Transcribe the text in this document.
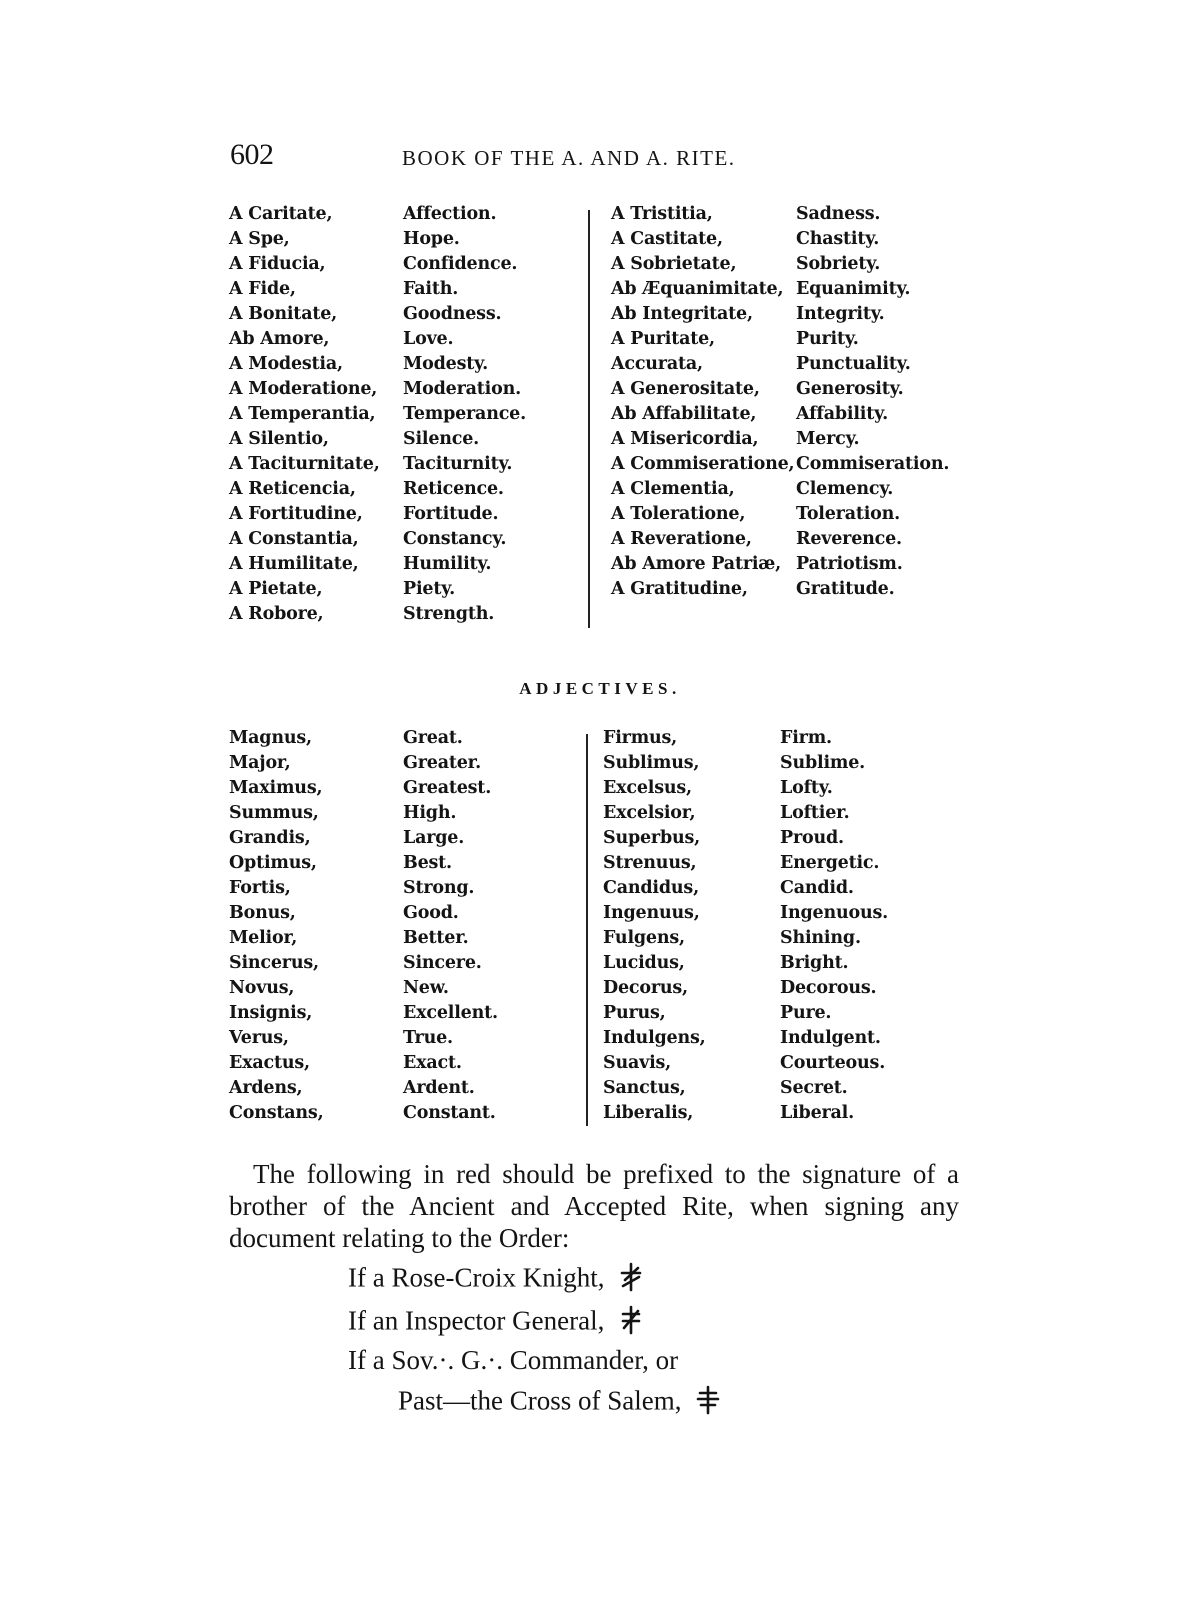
602	BOOK OF THE A. AND A. RITE.
A Caritate,	Affection.
A Spe,	Hope.
A Fiducia,	Confidence.
A Fide,	Faith.
A Bonitate,	Goodness.
Ab Amore,	Love.
A Modestia,	Modesty.
A Moderatione, Moderation.
A Temperantia, Temperance.
A Silentio,	Silence.
A Taciturnitate, Taciturnity.
A Reticencia,	Reticence.
A Fortitudine, Fortitude.
A Constantia,	Constancy.
A Humilitate,	Humility.
A Pietate,	Piety.
A Robore,	Strength.
A Tristitia,	Sadness.
A Castitate,	Chastity.
A Sobrietate,	Sobriety.
Ab Æquanimitate, Equanimity.
Ab Integritate, Integrity.
A Puritate,	Purity.
Accurata,	Punctuality.
A Generositate, Generosity.
Ab Affabilitate, Affability.
A Misericordia, Mercy.
A Commiseratione, Commiseration.
A Clementia,	Clemency.
A Toleratione,	Toleration.
A Reveratione,	Reverence.
Ab Amore Patriæ, Patriotism.
A Gratitudine,	Gratitude.
ADJECTIVES.
Magnus,	Great.
Major,	Greater.
Maximus,	Greatest.
Summus,	High.
Grandis,	Large.
Optimus,	Best.
Fortis,	Strong.
Bonus,	Good.
Melior,	Better.
Sincerus,	Sincere.
Novus,	New.
Insignis,	Excellent.
Verus,	True.
Exactus,	Exact.
Ardens,	Ardent.
Constans,	Constant.
Firmus,	Firm.
Sublimus,	Sublime.
Excelsus,	Lofty.
Excelsior,	Loftier.
Superbus,	Proud.
Strenuus,	Energetic.
Candidus,	Candid.
Ingenuus,	Ingenuous.
Fulgens,	Shining.
Lucidus,	Bright.
Decorus,	Decorous.
Purus,	Pure.
Indulgens,	Indulgent.
Suavis,	Courteous.
Sanctus,	Secret.
Liberalis,	Liberal.
The following in red should be prefixed to the signature of a
brother of the Ancient and Accepted Rite, when signing any
document relating to the Order:
If a Rose-Croix Knight,
If an Inspector General,
If a Sov.·. G.·. Commander, or
Past—the Cross of Salem,
